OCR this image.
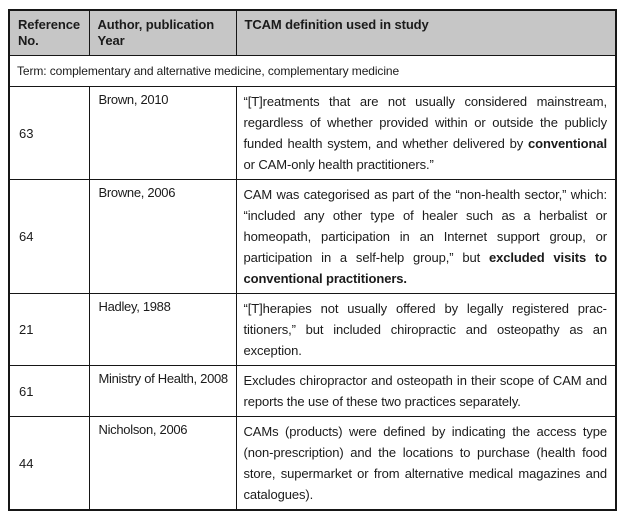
Reference No.	Author, publication Year	TCAM definition used in study
Term: complementary and alternative medicine, complementary medicine		
63	Brown, 2010	“[T]reatments that are not usually considered mainstream, regardless of whether provided within or outside the publicly funded health system, and whether delivered by conventional or CAM-only health practitioners.”
64	Browne, 2006	CAM was categorised as part of the “non-health sector,” which: “included any other type of healer such as a herbalist or homeopath, participation in an Internet support group, or participation in a self-help group,” but excluded visits to conventional practitioners.
21	Hadley, 1988	“[T]herapies not usually offered by legally registered practitioners,” but included chiropractic and osteopathy as an exception.
61	Ministry of Health, 2008	Excludes chiropractor and osteopath in their scope of CAM and reports the use of these two practices separately.
44	Nicholson, 2006	CAMs (products) were defined by indicating the access type (non-prescription) and the locations to purchase (health food store, supermarket or from alternative medical magazines and catalogues).
